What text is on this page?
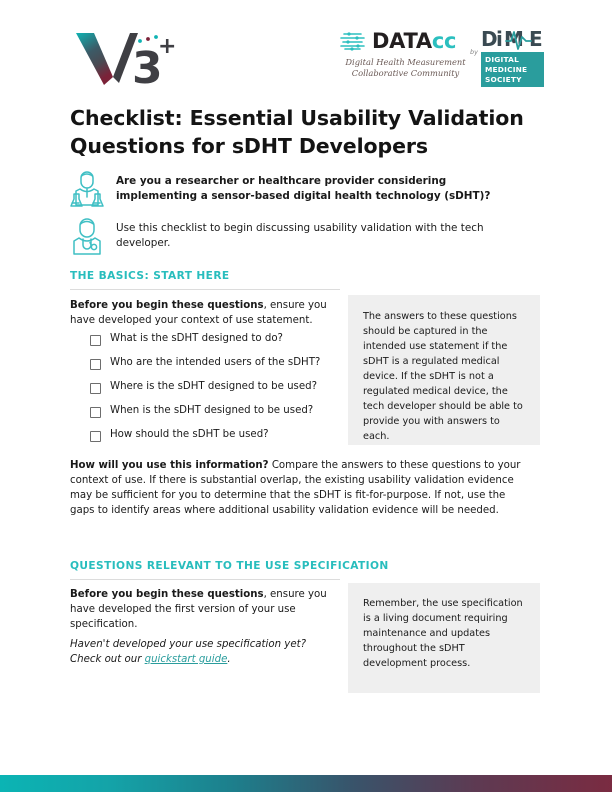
3
+	DATAcc
Digital Health Measurement
Collaborative Community
by
D
i M E
DIGITAL
MEDICINE
SOCIETY
Checklist: Essential Usability Validation Questions for sDHT Developers
Are you a researcher or healthcare provider considering implementing a sensor-based digital health technology (sDHT)?
Use this checklist to begin discussing usability validation with the tech developer.
THE BASICS: START HERE
Before you begin these questions, ensure you have developed your context of use statement.
What is the sDHT designed to do?
Who are the intended users of the sDHT?
Where is the sDHT designed to be used?
When is the sDHT designed to be used?
How should the sDHT be used?

The answers to these questions should be captured in the intended use statement if the sDHT is a regulated medical device. If the sDHT is not a regulated medical device, the tech developer should be able to provide you with answers to each.

How will you use this information? Compare the answers to these questions to your context of use. If there is substantial overlap, the existing usability validation evidence may be sufficient for you to determine that the sDHT is fit-for-purpose. If not, use the gaps to identify areas where additional usability validation evidence will be needed.
QUESTIONS RELEVANT TO THE USE SPECIFICATION
Before you begin these questions, ensure you have developed the first version of your use specification.
Haven't developed your use specification yet? Check out our quickstart guide.

Remember, the use specification is a living document requiring maintenance and updates throughout the sDHT development process.
